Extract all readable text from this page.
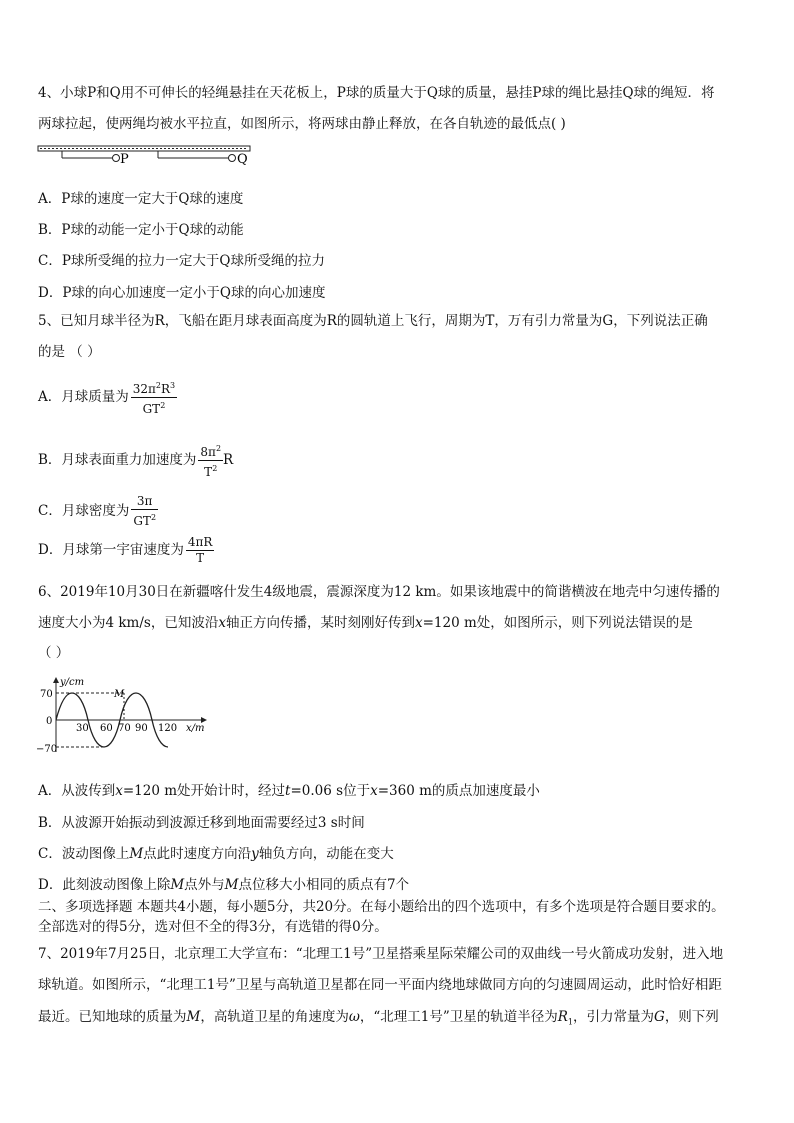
4、小球P和Q用不可伸长的轻绳悬挂在天花板上，P球的质量大于Q球的质量，悬挂P球的绳比悬挂Q球的绳短．将
两球拉起，使两绳均被水平拉直，如图所示，将两球由静止释放，在各自轨迹的最低点( )
P	Q
A．P球的速度一定大于Q球的速度
B．P球的动能一定小于Q球的动能
C．P球所受绳的拉力一定大于Q球所受绳的拉力
D．P球的向心加速度一定小于Q球的向心加速度
5、已知月球半径为R，飞船在距月球表面高度为R的圆轨道上飞行，周期为T，万有引力常量为G，下列说法正确
的是 （ ）
A．月球质量为 $\frac{32\pi^2R^3}{GT^2}$
B．月球表面重力加速度为 $\frac{8\pi^2}{T^2}$ R
C．月球密度为 $\frac{3\pi}{GT^2}$
D．月球第一宇宙速度为 $\frac{4\pi R}{T}$
6、2019年10月30日在新疆喀什发生4级地震，震源深度为12 km。如果该地震中的简谐横波在地壳中匀速传播的
速度大小为4 km/s，已知波沿x轴正方向传播，某时刻刚好传到x=120 m处，如图所示，则下列说法错误的是
（ ）
y/cm
x/m
70
0
−70
30 60 70 90 120
M
A．从波传到x=120 m处开始计时，经过t=0.06 s位于x=360 m的质点加速度最小
B．从波源开始振动到波源迁移到地面需要经过3 s时间
C．波动图像上M点此时速度方向沿y轴负方向，动能在变大
D．此刻波动图像上除M点外与M点位移大小相同的质点有7个
二、多项选择题 本题共4小题，每小题5分，共20分。在每小题给出的四个选项中，有多个选项是符合题目要求的。
全部选对的得5分，选对但不全的得3分，有选错的得0分。
7、2019年7月25日，北京理工大学宣布：“北理工1号”卫星搭乘星际荣耀公司的双曲线一号火箭成功发射，进入地
球轨道。如图所示，“北理工1号”卫星与高轨道卫星都在同一平面内绕地球做同方向的匀速圆周运动，此时恰好相距
最近。已知地球的质量为M，高轨道卫星的角速度为ω，“北理工1号”卫星的轨道半径为$R_1$，引力常量为G，则下列
